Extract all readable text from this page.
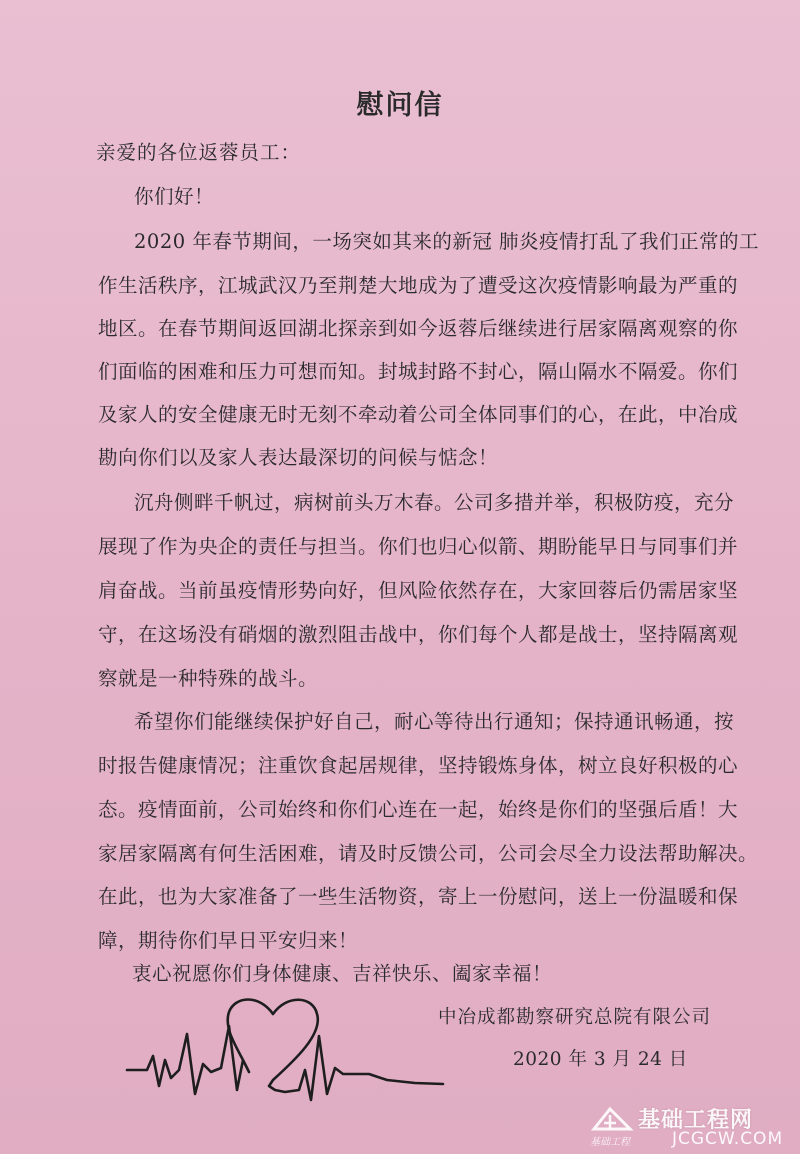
慰问信
亲爱的各位返蓉员工：
你们好！
2020 年春节期间，一场突如其来的新冠 肺炎疫情打乱了我们正常的工
作生活秩序，江城武汉乃至荆楚大地成为了遭受这次疫情影响最为严重的
地区。在春节期间返回湖北探亲到如今返蓉后继续进行居家隔离观察的你
们面临的困难和压力可想而知。封城封路不封心，隔山隔水不隔爱。你们
及家人的安全健康无时无刻不牵动着公司全体同事们的心，在此，中冶成
勘向你们以及家人表达最深切的问候与惦念！
沉舟侧畔千帆过，病树前头万木春。公司多措并举，积极防疫，充分
展现了作为央企的责任与担当。你们也归心似箭、期盼能早日与同事们并
肩奋战。当前虽疫情形势向好，但风险依然存在，大家回蓉后仍需居家坚
守，在这场没有硝烟的激烈阻击战中，你们每个人都是战士，坚持隔离观
察就是一种特殊的战斗。
希望你们能继续保护好自己，耐心等待出行通知；保持通讯畅通，按
时报告健康情况；注重饮食起居规律，坚持锻炼身体，树立良好积极的心
态。疫情面前，公司始终和你们心连在一起，始终是你们的坚强后盾！大
家居家隔离有何生活困难，请及时反馈公司，公司会尽全力设法帮助解决。
在此，也为大家准备了一些生活物资，寄上一份慰问，送上一份温暖和保
障，期待你们早日平安归来！
衷心祝愿你们身体健康、吉祥快乐、阖家幸福！
中冶成都勘察研究总院有限公司
2020 年 3 月 24 日
基础工程网
基础工程 JCGCW.COM
